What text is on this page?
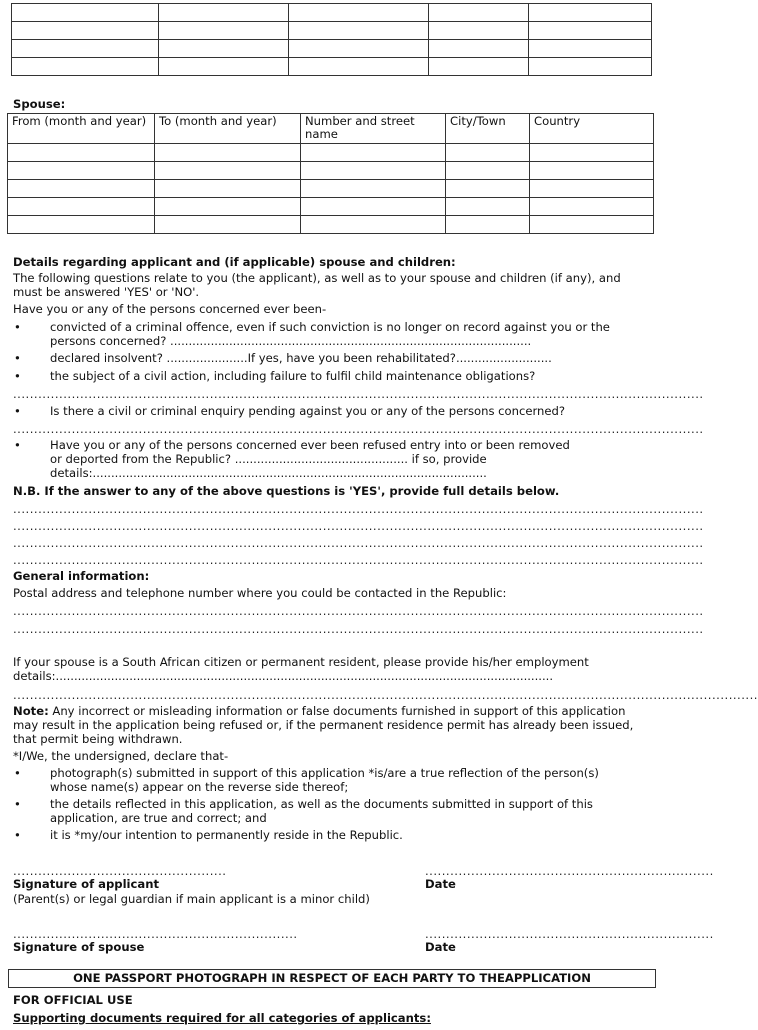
Spouse:
From (month and year)	To (month and year)	Number and street name	City/Town	Country

Details regarding applicant and (if applicable) spouse and children:
The following questions relate to you (the applicant), as well as to your spouse and children (if any), and must be answered 'YES' or 'NO'.
Have you or any of the persons concerned ever been-
•	convicted of a criminal offence, even if such conviction is no longer on record against you or the persons concerned? ..................................................................................................
•	declared insolvent? ......................If yes, have you been rehabilitated?..........................
•	the subject of a civil action, including failure to fulfil child maintenance obligations?
.....................................................................................................................................................................
•	Is there a civil or criminal enquiry pending against you or any of the persons concerned?
.....................................................................................................................................................................
•	Have you or any of the persons concerned ever been refused entry into or been removed or deported from the Republic? ............................................... if so, provide details:...........................................................................................................
N.B. If the answer to any of the above questions is 'YES', provide full details below.
.....................................................................................................................................................................
.....................................................................................................................................................................
.....................................................................................................................................................................
.....................................................................................................................................................................
General information:
Postal address and telephone number where you could be contacted in the Republic:
.....................................................................................................................................................................
.....................................................................................................................................................................
If your spouse is a South African citizen or permanent resident, please provide his/her employment details:.......................................................................................................................................
..................................................................................................................................................................................
Note: Any incorrect or misleading information or false documents furnished in support of this application may result in the application being refused or, if the permanent residence permit has already been issued, that permit being withdrawn.
*I/We, the undersigned, declare that-
•	photograph(s) submitted in support of this application *is/are a true reflection of the person(s) whose name(s) appear on the reverse side thereof;
•	the details reflected in this application, as well as the documents submitted in support of this application, are true and correct; and
•	it is *my/our intention to permanently reside in the Republic.
...................................................	.....................................................................
Signature of applicant	Date
(Parent(s) or legal guardian if main applicant is a minor child)
....................................................................	.....................................................................
Signature of spouse	Date
ONE PASSPORT PHOTOGRAPH IN RESPECT OF EACH PARTY TO THEAPPLICATION
FOR OFFICIAL USE
Supporting documents required for all categories of applicants:
